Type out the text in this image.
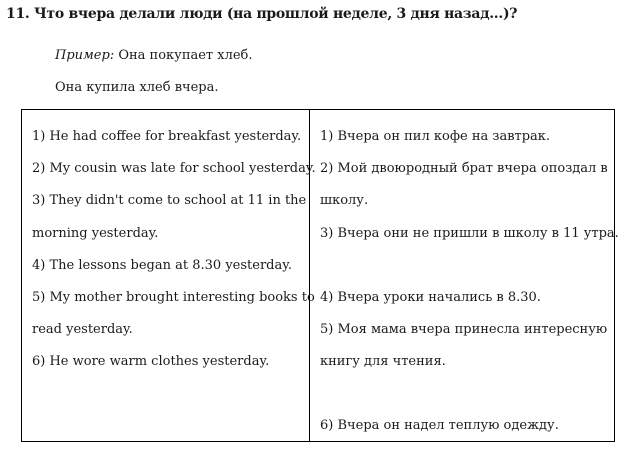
11. Что вчера делали люди (на прошлой неделе, 3 дня назад...)?
Пример: Она покупает хлеб.
Она купила хлеб вчера.
1) He had coffee for breakfast yesterday.
2) My cousin was late for school yesterday.
3) They didn't come to school at 11 in the
morning yesterday.
4) The lessons began at 8.30 yesterday.
5) My mother brought interesting books to
read yesterday.
6) He wore warm clothes yesterday.
1) Вчера он пил кофе на завтрак.
2) Мой двоюродный брат вчера опоздал в
школу.
3) Вчера они не пришли в школу в 11 утра.
4) Вчера уроки начались в 8.30.
5) Моя мама вчера принесла интересную
книгу для чтения.
6) Вчера он надел теплую одежду.
